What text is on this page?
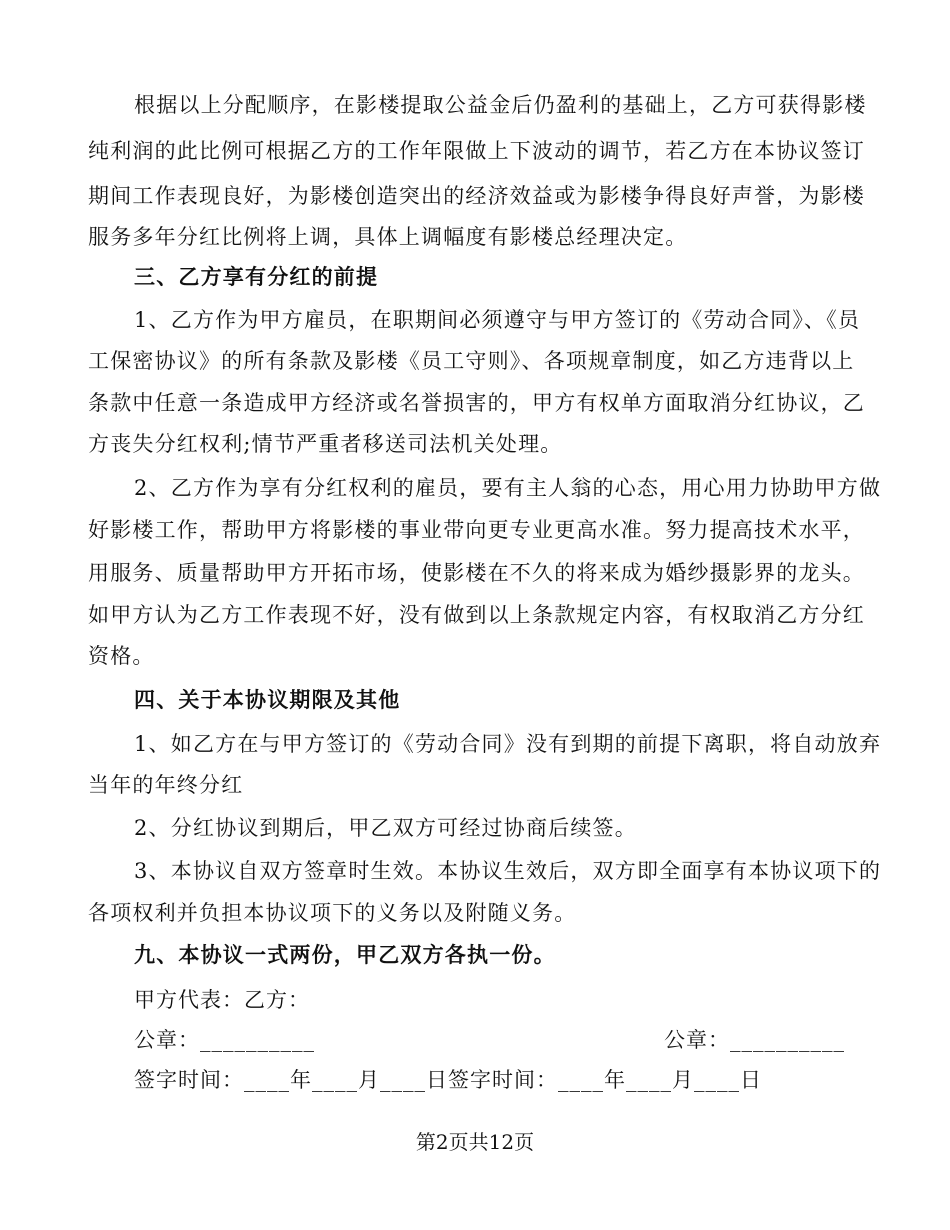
根据以上分配顺序，在影楼提取公益金后仍盈利的基础上，乙方可获得影楼
纯利润的此比例可根据乙方的工作年限做上下波动的调节，若乙方在本协议签订
期间工作表现良好，为影楼创造突出的经济效益或为影楼争得良好声誉，为影楼
服务多年分红比例将上调，具体上调幅度有影楼总经理决定。
三、乙方享有分红的前提
1、乙方作为甲方雇员，在职期间必须遵守与甲方签订的《劳动合同》、《员
工保密协议》的所有条款及影楼《员工守则》、各项规章制度，如乙方违背以上
条款中任意一条造成甲方经济或名誉损害的，甲方有权单方面取消分红协议，乙
方丧失分红权利;情节严重者移送司法机关处理。
2、乙方作为享有分红权利的雇员，要有主人翁的心态，用心用力协助甲方做
好影楼工作，帮助甲方将影楼的事业带向更专业更高水准。努力提高技术水平，
用服务、质量帮助甲方开拓市场，使影楼在不久的将来成为婚纱摄影界的龙头。
如甲方认为乙方工作表现不好，没有做到以上条款规定内容，有权取消乙方分红
资格。
四、关于本协议期限及其他
1、如乙方在与甲方签订的《劳动合同》没有到期的前提下离职，将自动放弃
当年的年终分红
2、分红协议到期后，甲乙双方可经过协商后续签。
3、本协议自双方签章时生效。本协议生效后，双方即全面享有本协议项下的
各项权利并负担本协议项下的义务以及附随义务。
九、本协议一式两份，甲乙双方各执一份。
甲方代表：乙方：
公章：__________	公章：__________
签字时间：____年____月____日签字时间：____年____月____日
第2页共12页
